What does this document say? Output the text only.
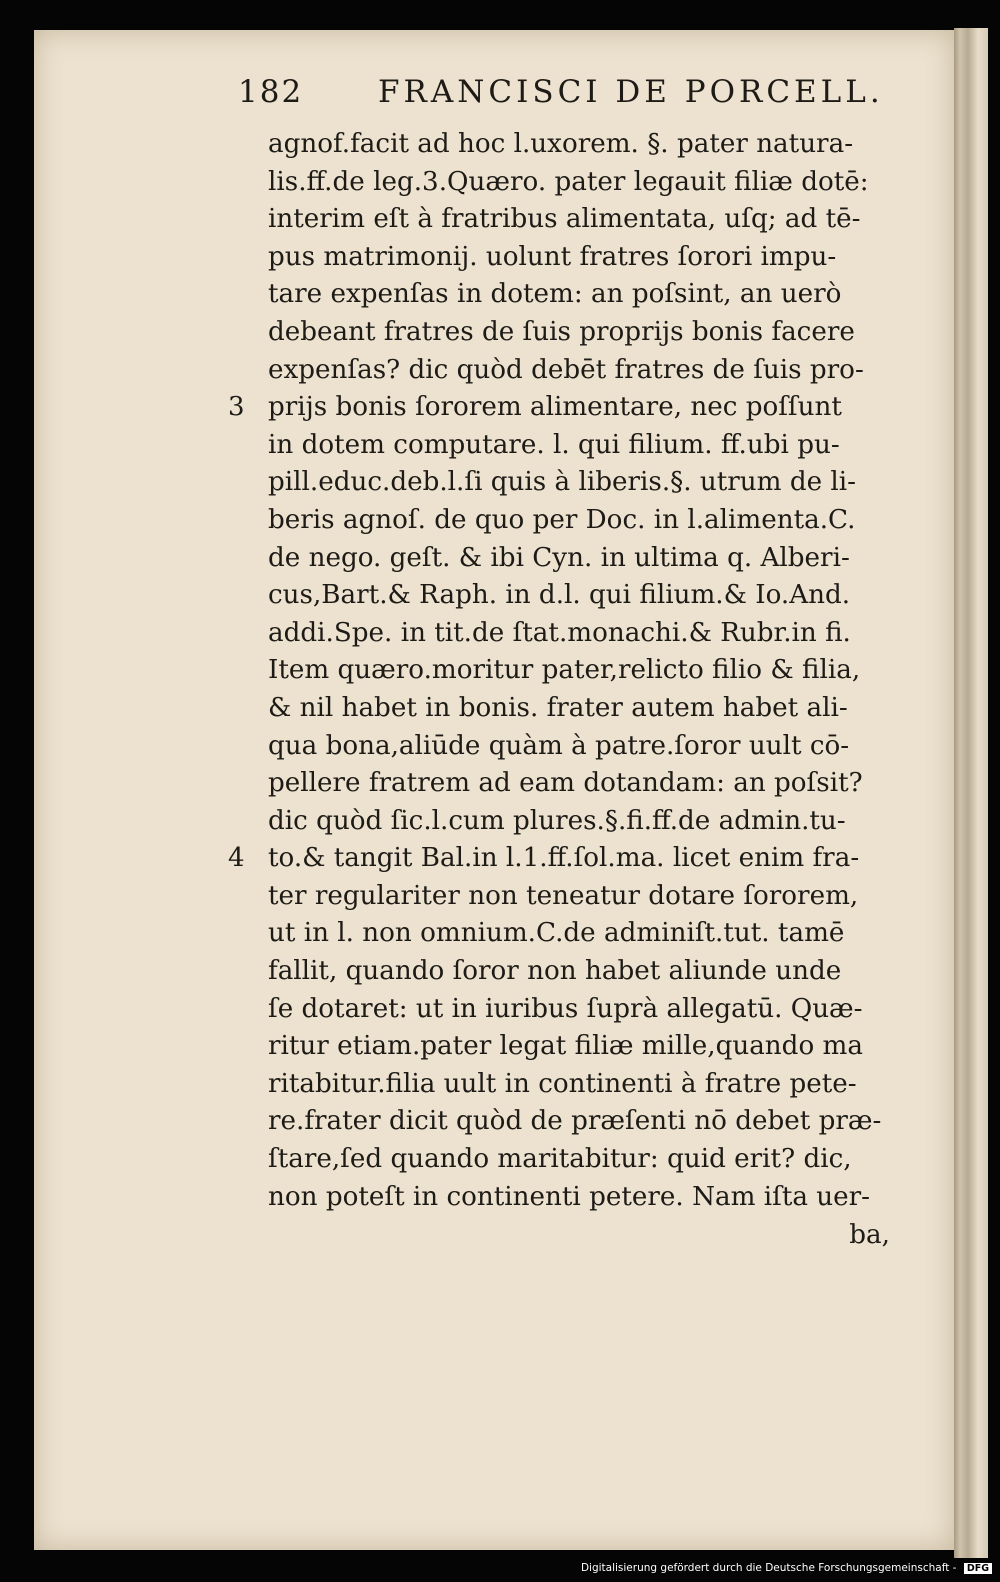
182 FRANCISCI DE PORCELL.
agnof.facit ad hoc l.uxorem. §. pater natura-
lis.ff.de leg.3.Quæro. pater legauit filiæ dotē:
interim eſt à fratribus alimentata, uſq; ad tē-
pus matrimonij. uolunt fratres ſorori impu-
tare expenſas in dotem: an poſsint, an uerò
debeant fratres de ſuis proprijs bonis facere
expenſas? dic quòd debēt fratres de ſuis pro-
3 prijs bonis ſororem alimentare, nec poſſunt
in dotem computare. l. qui filium. ff.ubi pu-
pill.educ.deb.l.ſi quis à liberis.§. utrum de li-
beris agnoſ. de quo per Doc. in l.alimenta.C.
de nego. geſt. & ibi Cyn. in ultima q. Alberi-
cus,Bart.& Raph. in d.l. qui filium.& Io.And.
addi.Spe. in tit.de ſtat.monachi.& Rubr.in fi.
Item quæro.moritur pater,relicto filio & filia,
& nil habet in bonis. frater autem habet ali-
qua bona,aliūde quàm à patre.ſoror uult cō-
pellere fratrem ad eam dotandam: an poſsit?
dic quòd ſic.l.cum plures.§.fi.ff.de admin.tu-
4 to.& tangit Bal.in l.1.ff.ſol.ma. licet enim fra-
ter regulariter non teneatur dotare ſororem,
ut in l. non omnium.C.de adminiſt.tut. tamē
fallit, quando ſoror non habet aliunde unde
ſe dotaret: ut in iuribus ſuprà allegatū. Quæ-
ritur etiam.pater legat filiæ mille,quando ma
ritabitur.filia uult in continenti à fratre pete-
re.frater dicit quòd de præſenti nō debet præ-
ſtare,ſed quando maritabitur: quid erit? dic,
non poteſt in continenti petere. Nam iſta uer-
ba,
Digitalisierung gefördert durch die Deutsche Forschungsgemeinschaft - DFG
